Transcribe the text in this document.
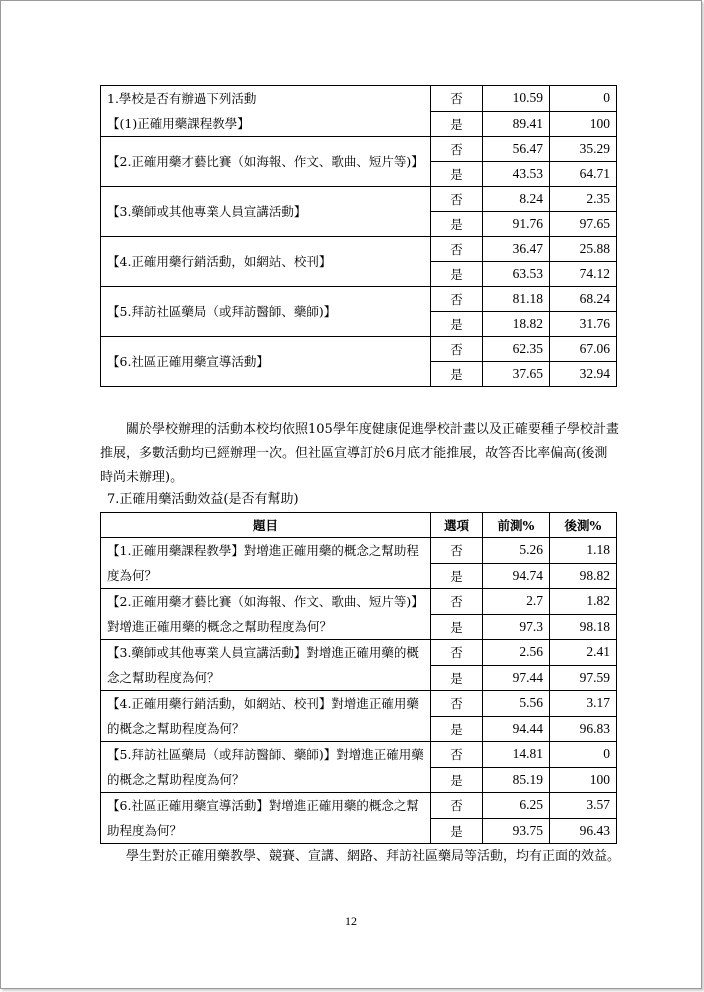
1.學校是否有辦過下列活動
【(1)正確用藥課程教學】	否	10.59	0
	是	89.41	100
【2.正確用藥才藝比賽（如海報、作文、歌曲、短片等)】	否	56.47	35.29
	是	43.53	64.71
【3.藥師或其他專業人員宣講活動】	否	8.24	2.35
	是	91.76	97.65
【4.正確用藥行銷活動，如網站、校刊】	否	36.47	25.88
	是	63.53	74.12
【5.拜訪社區藥局（或拜訪醫師、藥師)】	否	81.18	68.24
	是	18.82	31.76
【6.社區正確用藥宣導活動】	否	62.35	67.06
	是	37.65	32.94

　　關於學校辦理的活動本校均依照105學年度健康促進學校計畫以及正確要種子學校計畫推展，多數活動均已經辦理一次。但社區宣導訂於6月底才能推展，故答否比率偏高(後測時尚未辦理)。

7.正確用藥活動效益(是否有幫助)

題目	選項	前測%	後測%
【1.正確用藥課程教學】對增進正確用藥的概念之幫助程度為何？	否	5.26	1.18
	是	94.74	98.82
【2.正確用藥才藝比賽（如海報、作文、歌曲、短片等)】對增進正確用藥的概念之幫助程度為何？	否	2.7	1.82
	是	97.3	98.18
【3.藥師或其他專業人員宣講活動】對增進正確用藥的概念之幫助程度為何？	否	2.56	2.41
	是	97.44	97.59
【4.正確用藥行銷活動，如網站、校刊】對增進正確用藥的概念之幫助程度為何？	否	5.56	3.17
	是	94.44	96.83
【5.拜訪社區藥局（或拜訪醫師、藥師)】對增進正確用藥的概念之幫助程度為何？	否	14.81	0
	是	85.19	100
【6.社區正確用藥宣導活動】對增進正確用藥的概念之幫助程度為何？	否	6.25	3.57
	是	93.75	96.43

　　學生對於正確用藥教學、競賽、宣講、網路、拜訪社區藥局等活動，均有正面的效益。

12
